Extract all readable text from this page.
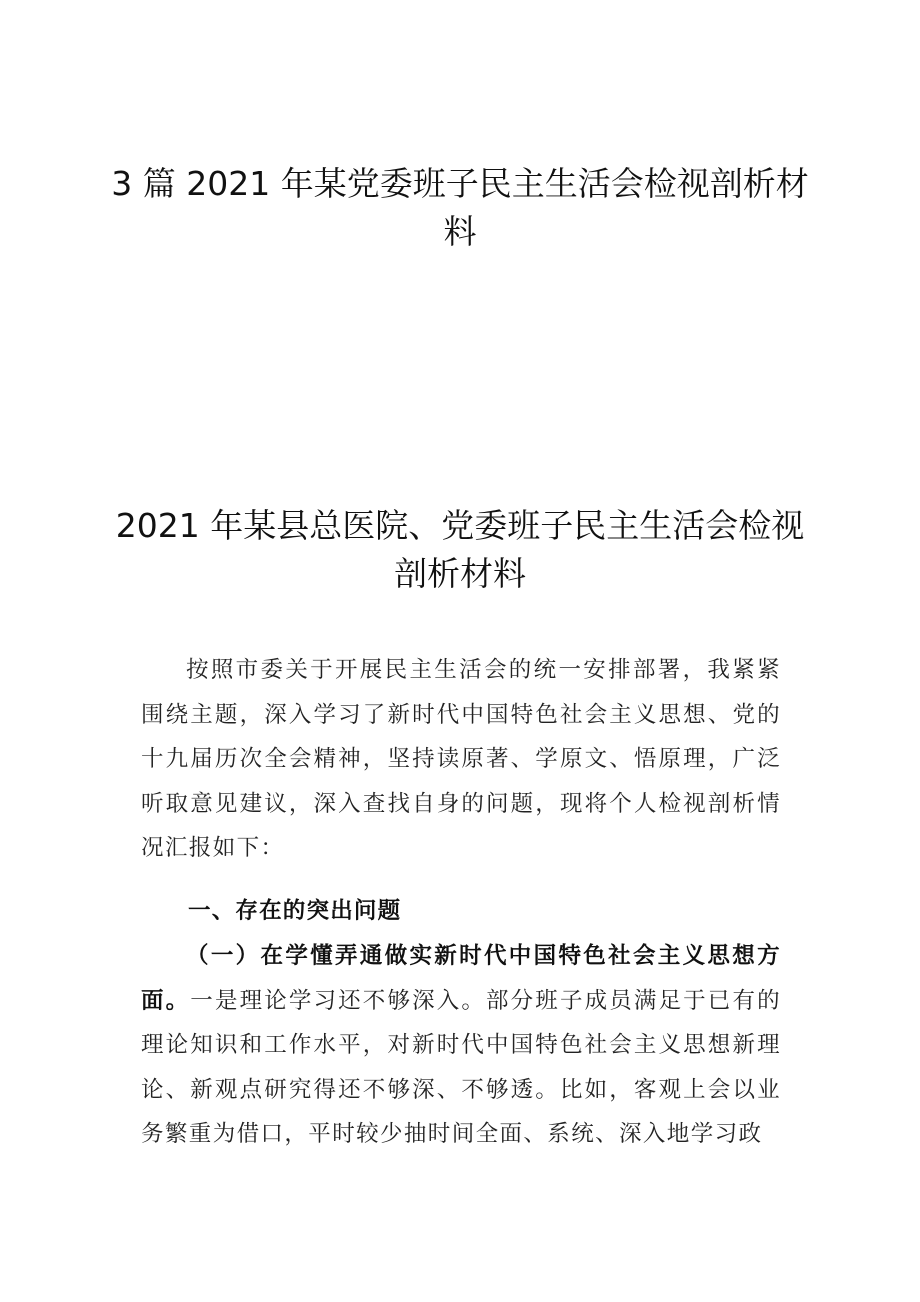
3 篇 2021 年某党委班子民主生活会检视剖析材料
2021 年某县总医院、党委班子民主生活会检视剖析材料

按照市委关于开展民主生活会的统一安排部署，我紧紧围绕主题，深入学习了新时代中国特色社会主义思想、党的十九届历次全会精神，坚持读原著、学原文、悟原理，广泛听取意见建议，深入查找自身的问题，现将个人检视剖析情况汇报如下：

一、存在的突出问题

（一）在学懂弄通做实新时代中国特色社会主义思想方面。一是理论学习还不够深入。部分班子成员满足于已有的理论知识和工作水平，对新时代中国特色社会主义思想新理论、新观点研究得还不够深、不够透。比如，客观上会以业务繁重为借口，平时较少抽时间全面、系统、深入地学习政
